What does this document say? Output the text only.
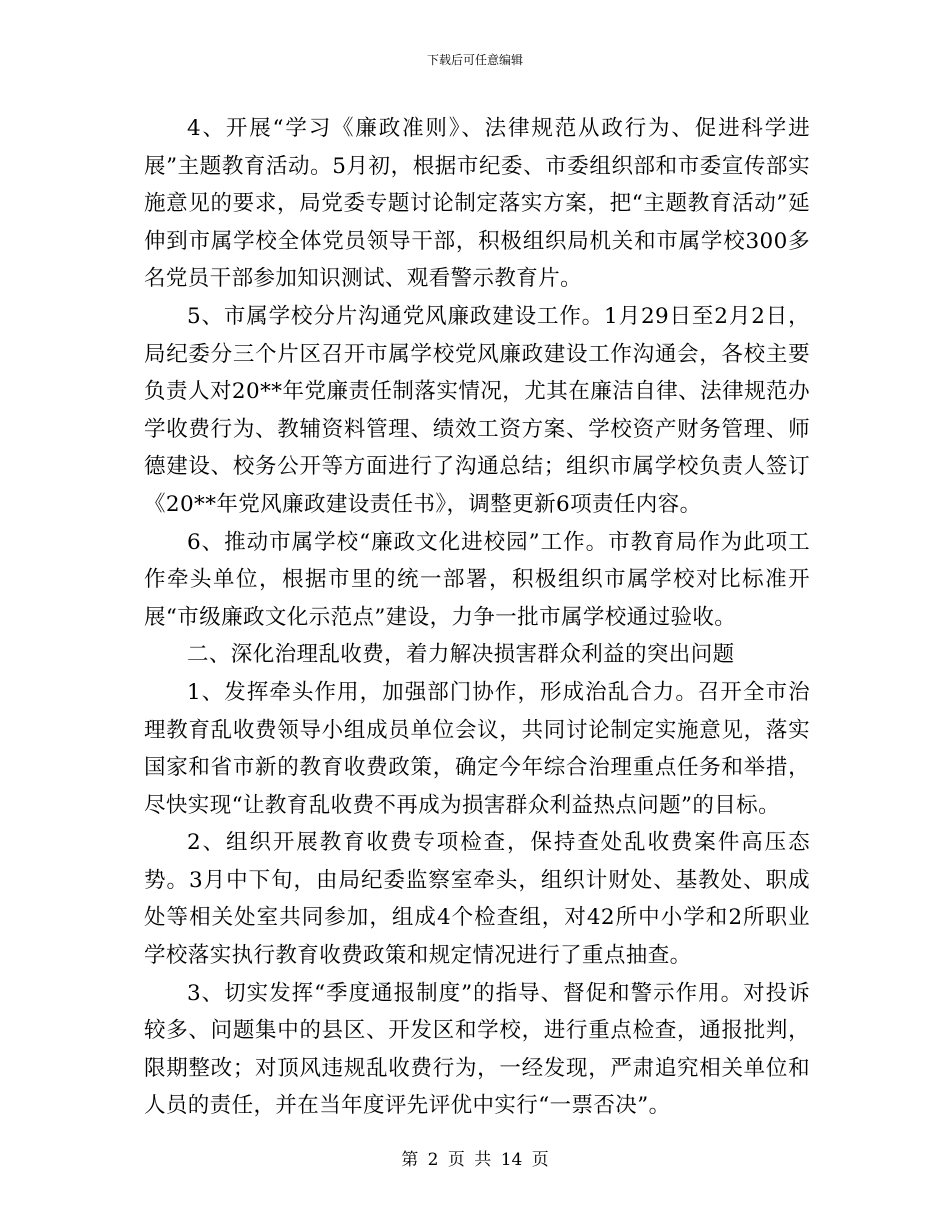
下载后可任意编辑

4、开展“学习《廉政准则》、法律规范从政行为、促进科学进展”主题教育活动。5月初，根据市纪委、市委组织部和市委宣传部实施意见的要求，局党委专题讨论制定落实方案，把“主题教育活动”延伸到市属学校全体党员领导干部，积极组织局机关和市属学校300多名党员干部参加知识测试、观看警示教育片。

5、市属学校分片沟通党风廉政建设工作。1月29日至2月2日，局纪委分三个片区召开市属学校党风廉政建设工作沟通会，各校主要负责人对20**年党廉责任制落实情况，尤其在廉洁自律、法律规范办学收费行为、教辅资料管理、绩效工资方案、学校资产财务管理、师德建设、校务公开等方面进行了沟通总结；组织市属学校负责人签订《20**年党风廉政建设责任书》，调整更新6项责任内容。

6、推动市属学校“廉政文化进校园”工作。市教育局作为此项工作牵头单位，根据市里的统一部署，积极组织市属学校对比标准开展“市级廉政文化示范点”建设，力争一批市属学校通过验收。

二、深化治理乱收费，着力解决损害群众利益的突出问题

1、发挥牵头作用，加强部门协作，形成治乱合力。召开全市治理教育乱收费领导小组成员单位会议，共同讨论制定实施意见，落实国家和省市新的教育收费政策，确定今年综合治理重点任务和举措，尽快实现“让教育乱收费不再成为损害群众利益热点问题”的目标。

2、组织开展教育收费专项检查，保持查处乱收费案件高压态势。3月中下旬，由局纪委监察室牵头，组织计财处、基教处、职成处等相关处室共同参加，组成4个检查组，对42所中小学和2所职业学校落实执行教育收费政策和规定情况进行了重点抽查。

3、切实发挥“季度通报制度”的指导、督促和警示作用。对投诉较多、问题集中的县区、开发区和学校，进行重点检查，通报批判，限期整改；对顶风违规乱收费行为，一经发现，严肃追究相关单位和人员的责任，并在当年度评先评优中实行“一票否决”。

第 2 页 共 14 页
